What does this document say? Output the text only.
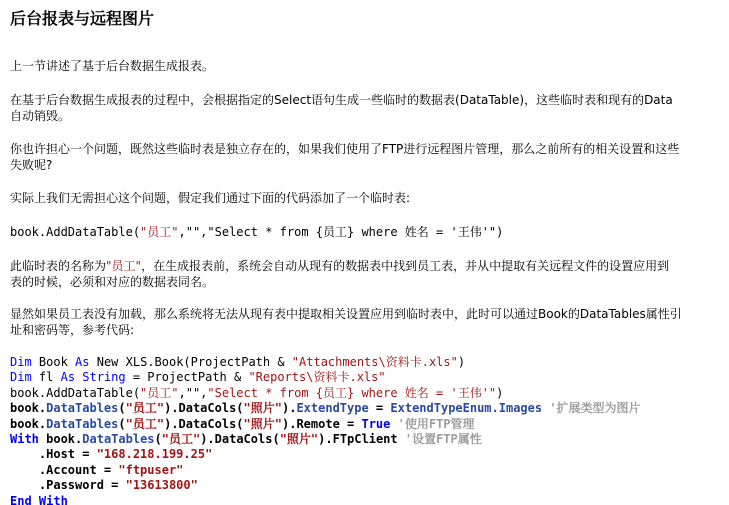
后台报表与远程图片

上一节讲述了基于后台数据生成报表。

在基于后台数据生成报表的过程中，会根据指定的Select语句生成一些临时的数据表(DataTable)，这些临时表和现有的Data

自动销毁。

你也许担心一个问题，既然这些临时表是独立存在的，如果我们使用了FTP进行远程图片管理，那么之前所有的相关设置和这些

失败呢?

实际上我们无需担心这个问题，假定我们通过下面的代码添加了一个临时表:

book.AddDataTable("员工","","Select * from {员工} where 姓名 = '王伟'")

此临时表的名称为"员工"，在生成报表前，系统会自动从现有的数据表中找到员工表，并从中提取有关远程文件的设置应用到

表的时候，必须和对应的数据表同名。

显然如果员工表没有加载，那么系统将无法从现有表中提取相关设置应用到临时表中，此时可以通过Book的DataTables属性引

址和密码等，参考代码:

Dim Book As New XLS.Book(ProjectPath & "Attachments\资料卡.xls")
Dim fl As String = ProjectPath & "Reports\资料卡.xls"
book.AddDataTable("员工","","Select * from {员工} where 姓名 = '王伟'")
book.DataTables("员工").DataCols("照片").ExtendType = ExtendTypeEnum.Images '扩展类型为图片
book.DataTables("员工").DataCols("照片").Remote = True '使用FTP管理
With book.DataTables("员工").DataCols("照片").FTpClient '设置FTP属性
.Host = "168.218.199.25"
.Account = "ftpuser"
.Password = "13613800"
End With
